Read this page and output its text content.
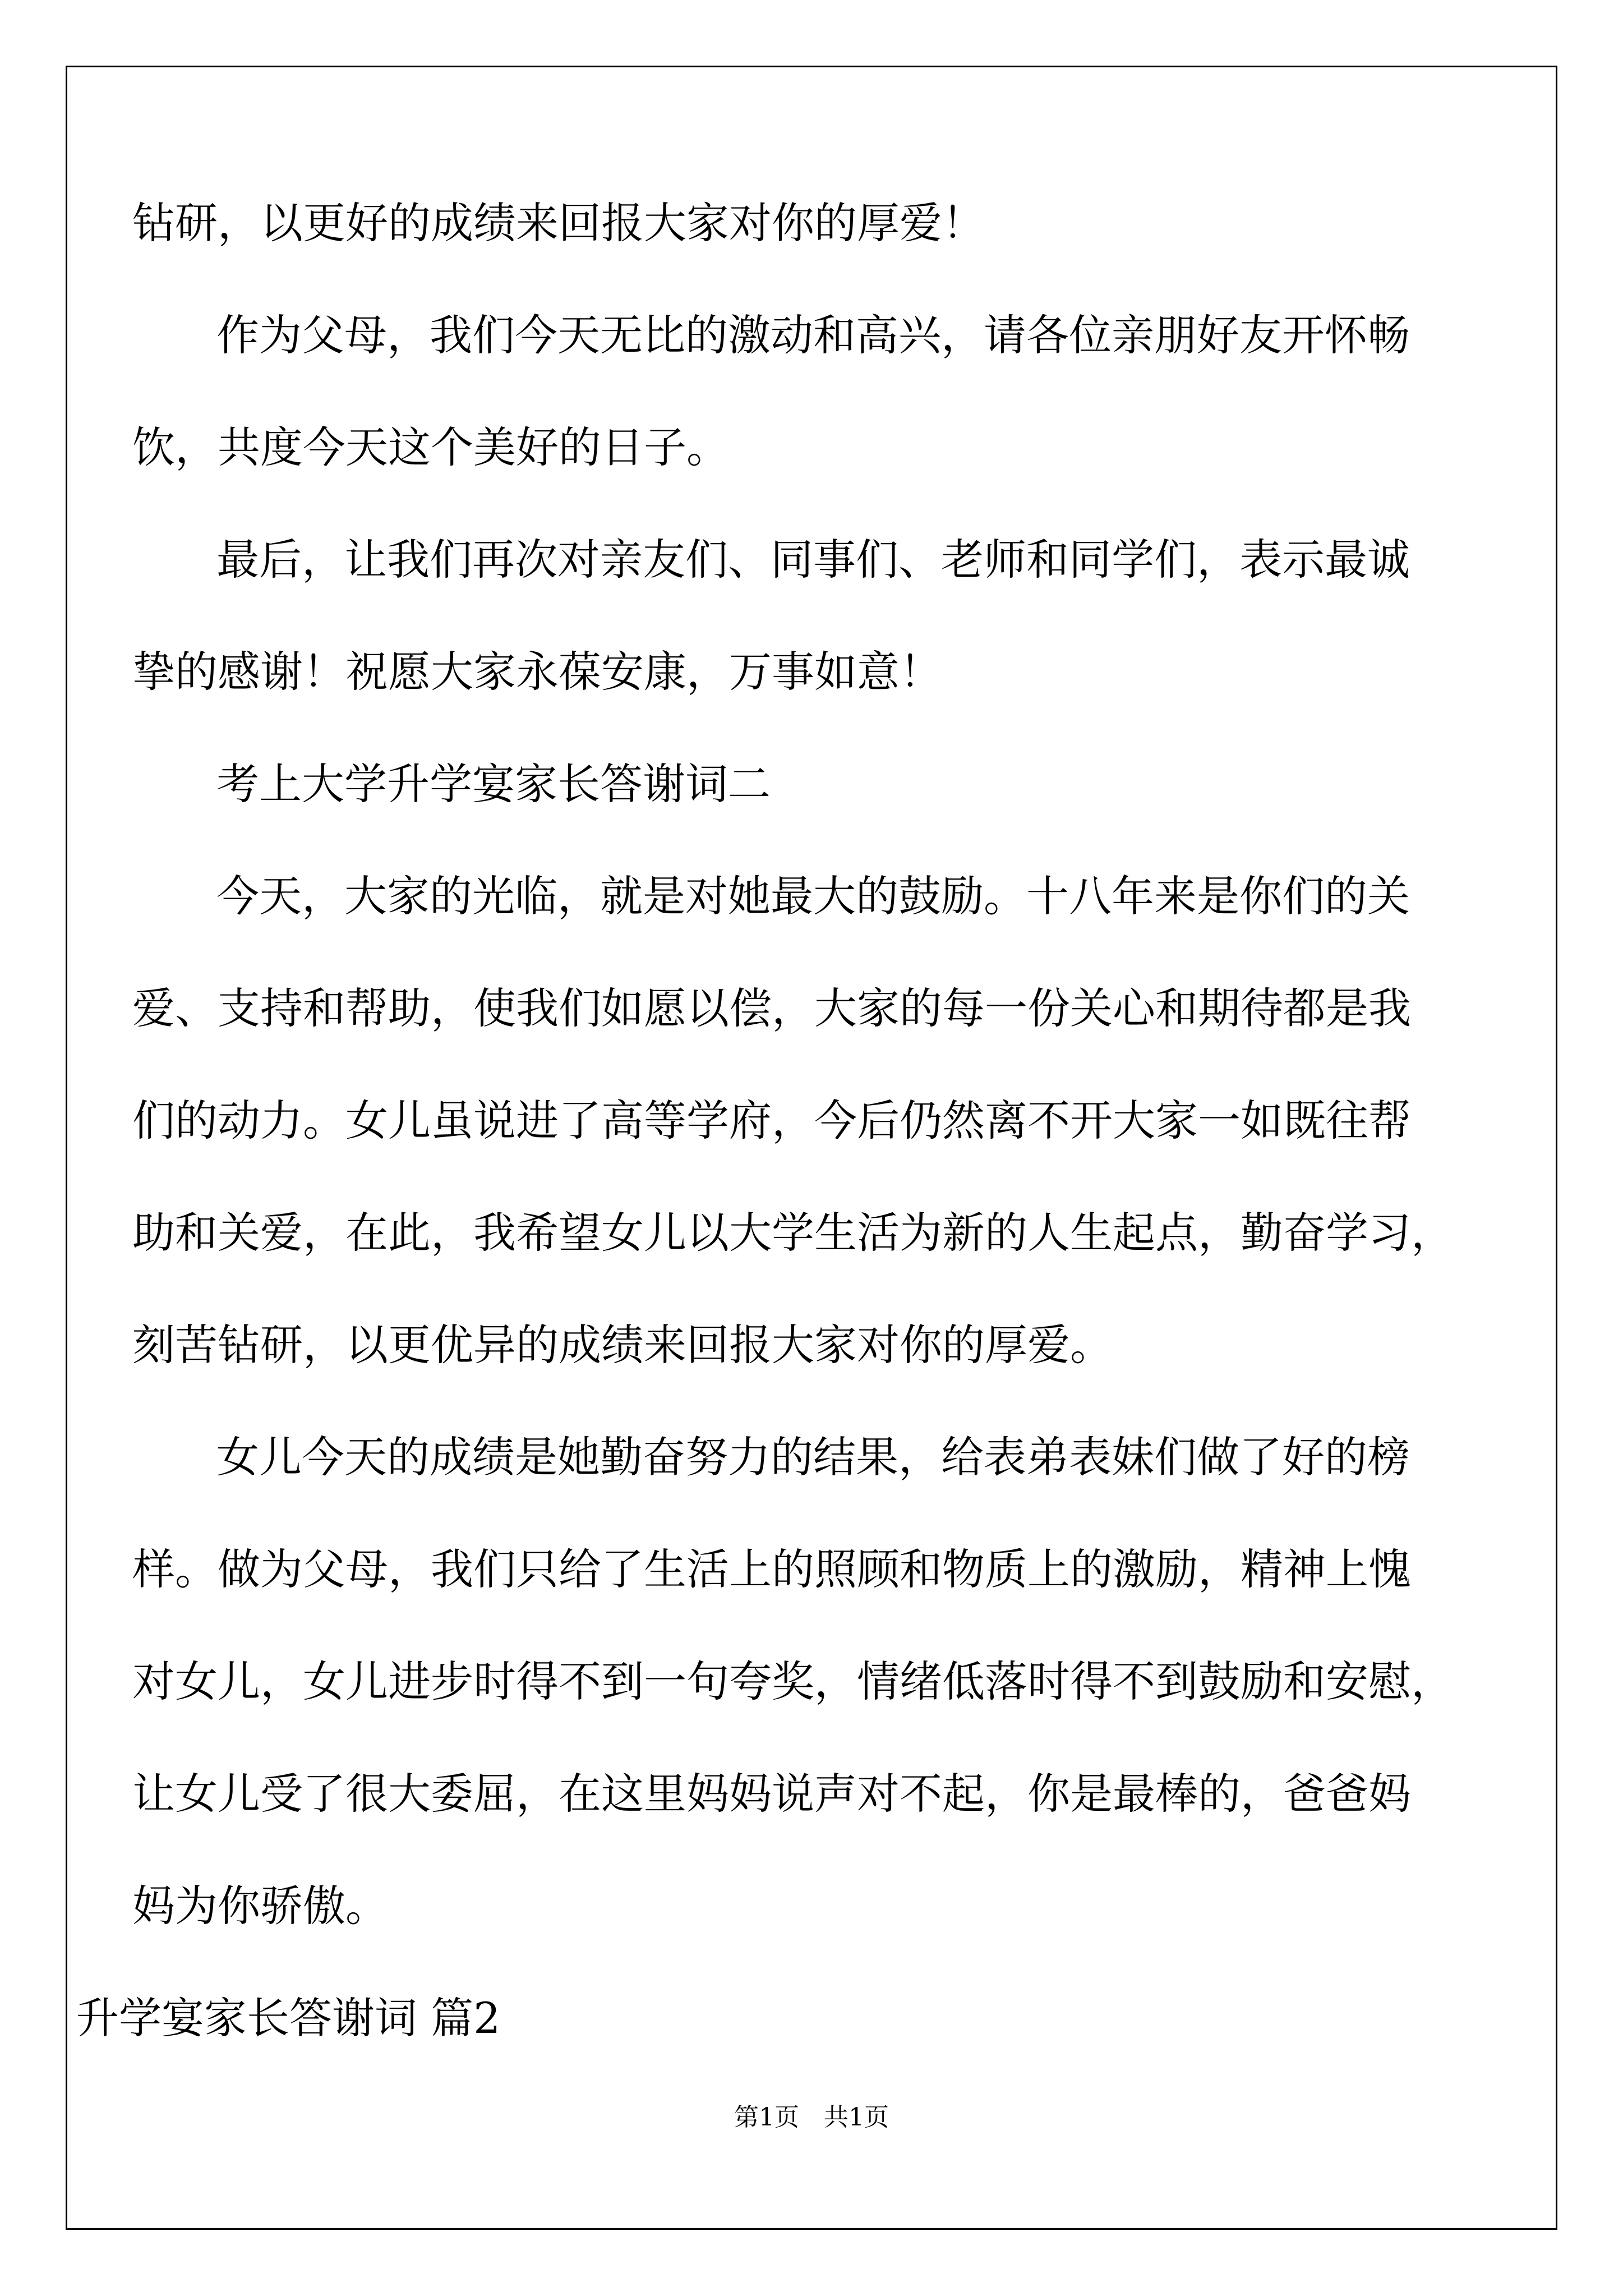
钻研，以更好的成绩来回报大家对你的厚爱！
作为父母，我们今天无比的激动和高兴，请各位亲朋好友开怀畅
饮，共度今天这个美好的日子。
最后，让我们再次对亲友们、同事们、老师和同学们，表示最诚
挚的感谢！祝愿大家永葆安康，万事如意！
考上大学升学宴家长答谢词二
今天，大家的光临，就是对她最大的鼓励。十八年来是你们的关
爱、支持和帮助，使我们如愿以偿，大家的每一份关心和期待都是我
们的动力。女儿虽说进了高等学府，今后仍然离不开大家一如既往帮
助和关爱，在此，我希望女儿以大学生活为新的人生起点，勤奋学习，
刻苦钻研，以更优异的成绩来回报大家对你的厚爱。
女儿今天的成绩是她勤奋努力的结果，给表弟表妹们做了好的榜
样。做为父母，我们只给了生活上的照顾和物质上的激励，精神上愧
对女儿，女儿进步时得不到一句夸奖，情绪低落时得不到鼓励和安慰，
让女儿受了很大委屈，在这里妈妈说声对不起，你是最棒的，爸爸妈
妈为你骄傲。
升学宴家长答谢词 篇2
第1页　共1页
